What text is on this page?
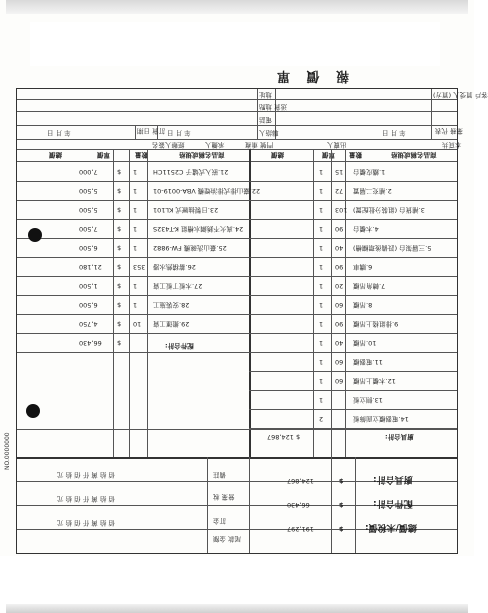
報 價 單
客戶 買受人 (買方)
地址
送貨 地點
電話
業務 代表
聯絡人
訂貨 日期 年 月 日
年 月 日	年 月 日
本頁共
出賣人
門號 重複
承攬人
經辦人簽名
商品名稱或規格
數量
單價
總價
商品名稱或規格
數量
單價
總價
1.鐵皮櫃台
15
1
2.補充二層置
72
1
3.補貨台 (組裝分批配置)
103
1
4.木櫃台
90
1
5.三層架台 (設備後環欄槽)
40
1
6.購車
90
1
7.轉角吊櫃
20
1
8.吊櫃
60
1
9.排組棧上吊櫃
90
1
10.吊櫃
40
1
11.電器櫃
60
1
12.木櫃上吊櫃
60
1
13.側立板
1
14.電器櫃立面飾板
2
21.嵌入式爐子 C2511CH
1
$
7,000
22.臺山排式排油煙機 VBA-0019-01
1
$
5,500
23.日製抽屜式 KL101
1
$
5,500
24.真火不銹鋼水槽組 K-T432S
1
$
7,500
25.臺山洗碗機 FW-9882
1
$
6,500
26.蓄積熱水器
353
$
21,180
27.木板丁板工資
1
$
1,500
28.安裝施工
1
$
6,500
29.搬運工資
10
$
4,750
$
66,430
廚具合計:
$ 124,867
配件合計:
廚具合計:
$
124,867
配件合計:
$
66,430
總價/未稅價:
$
191,297
備註
營業 稅
訂金
尾款 金額
佰 拾 萬 仟 佰 拾 元
佰 拾 萬 仟 佰 拾 元
佰 拾 萬 仟 佰 拾 元
NO.0000000
